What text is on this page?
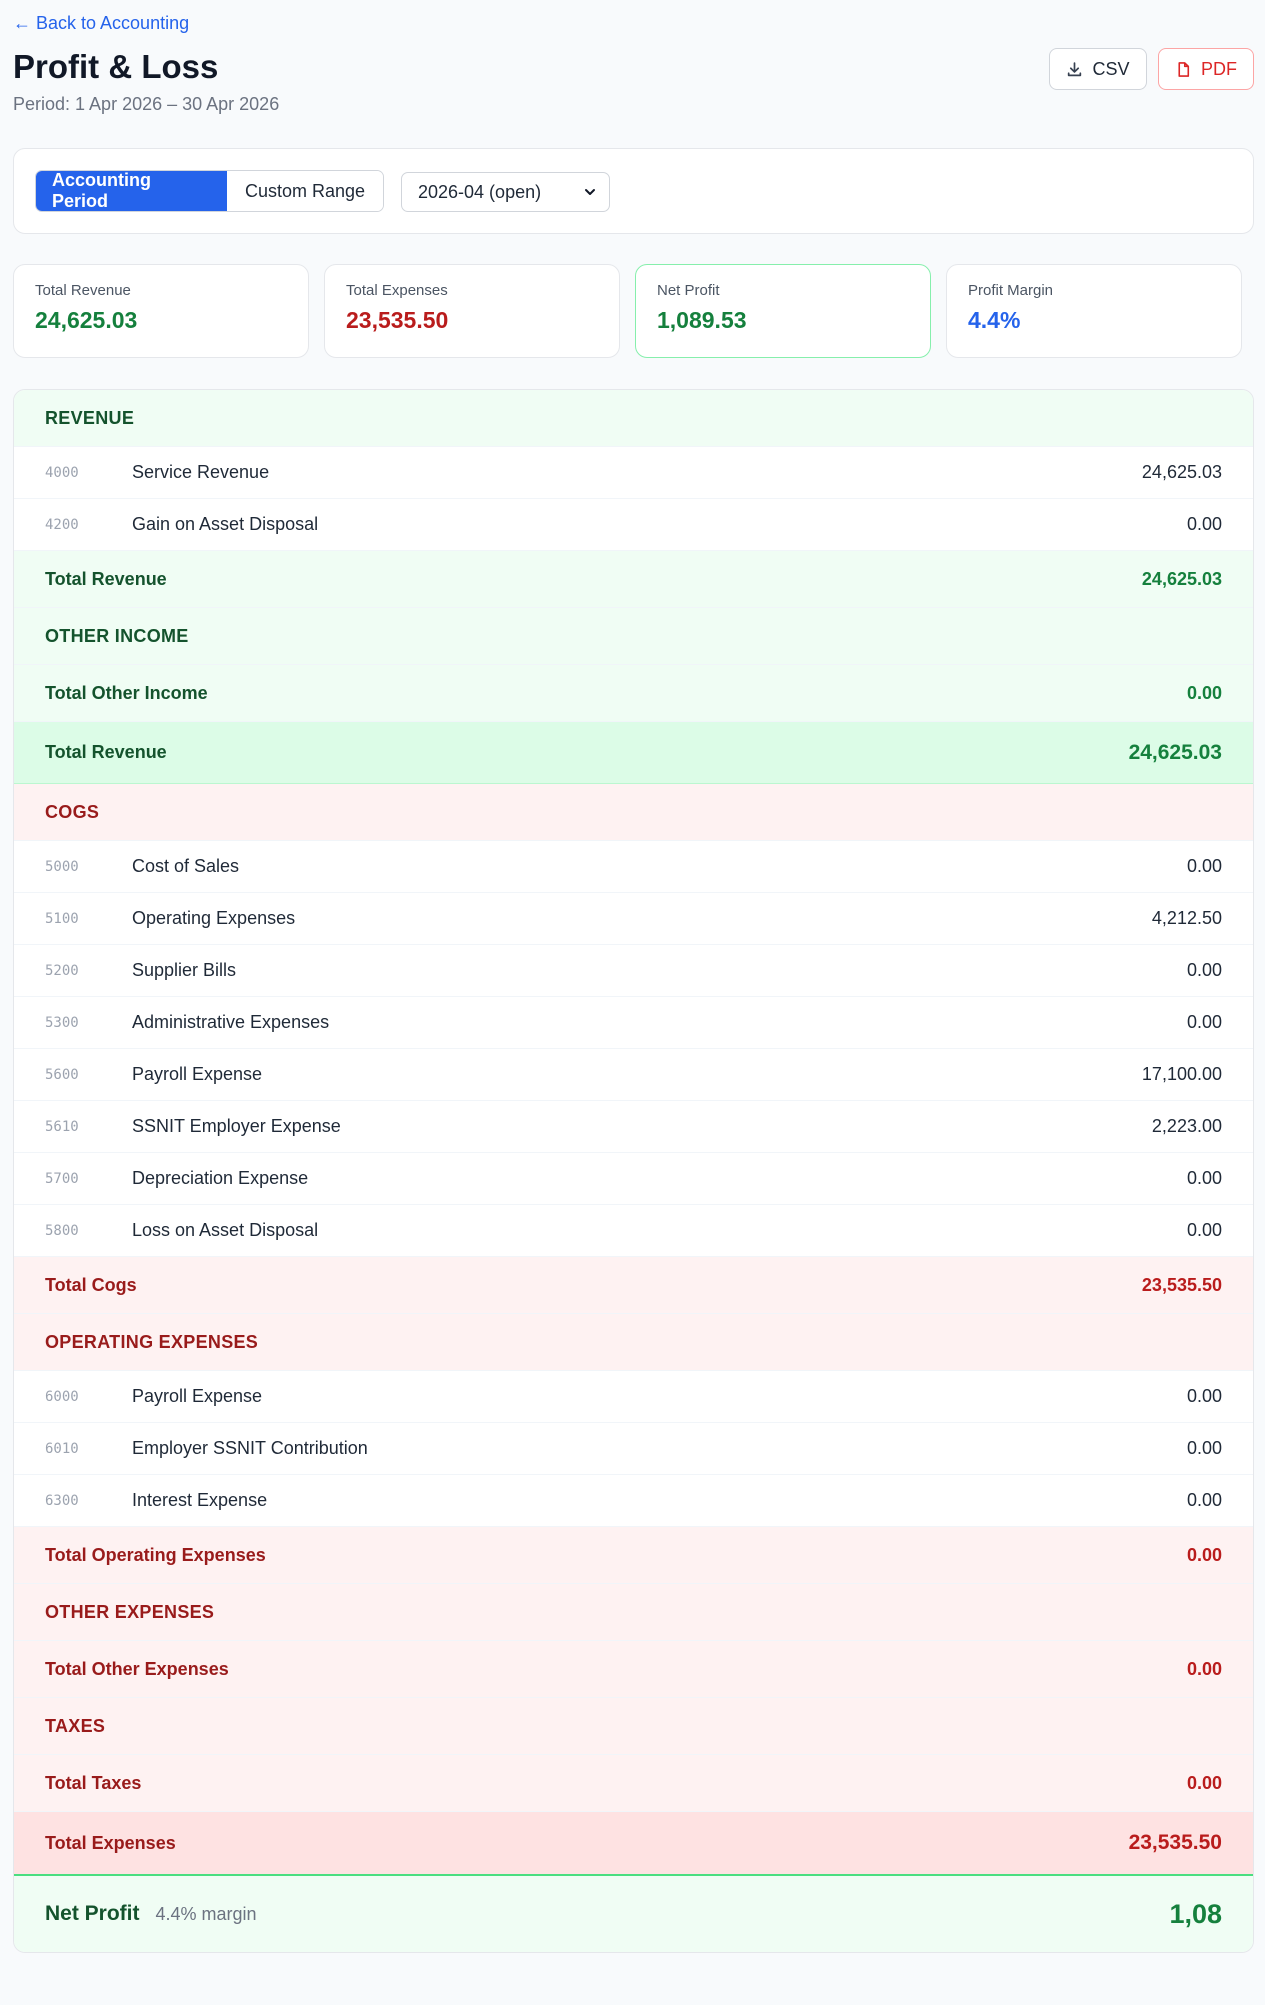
← Back to Accounting
Profit & Loss
Period: 1 Apr 2026 – 30 Apr 2026
CSV	PDF
Accounting Period
Custom Range	2026-04 (open)
Total Revenue
24,625.03
Total Expenses
23,535.50
Net Profit
1,089.53
Profit Margin
4.4%
REVENUE
4000	Service Revenue	24,625.03
4200	Gain on Asset Disposal	0.00
Total Revenue	24,625.03
OTHER INCOME
Total Other Income	0.00
Total Revenue	24,625.03
COGS
5000	Cost of Sales	0.00
5100	Operating Expenses	4,212.50
5200	Supplier Bills	0.00
5300	Administrative Expenses	0.00
5600	Payroll Expense	17,100.00
5610	SSNIT Employer Expense	2,223.00
5700	Depreciation Expense	0.00
5800	Loss on Asset Disposal	0.00
Total Cogs	23,535.50
OPERATING EXPENSES
6000	Payroll Expense	0.00
6010	Employer SSNIT Contribution	0.00
6300	Interest Expense	0.00
Total Operating Expenses	0.00
OTHER EXPENSES
Total Other Expenses	0.00
TAXES
Total Taxes	0.00
Total Expenses	23,535.50
Net Profit 4.4% margin	1,08
